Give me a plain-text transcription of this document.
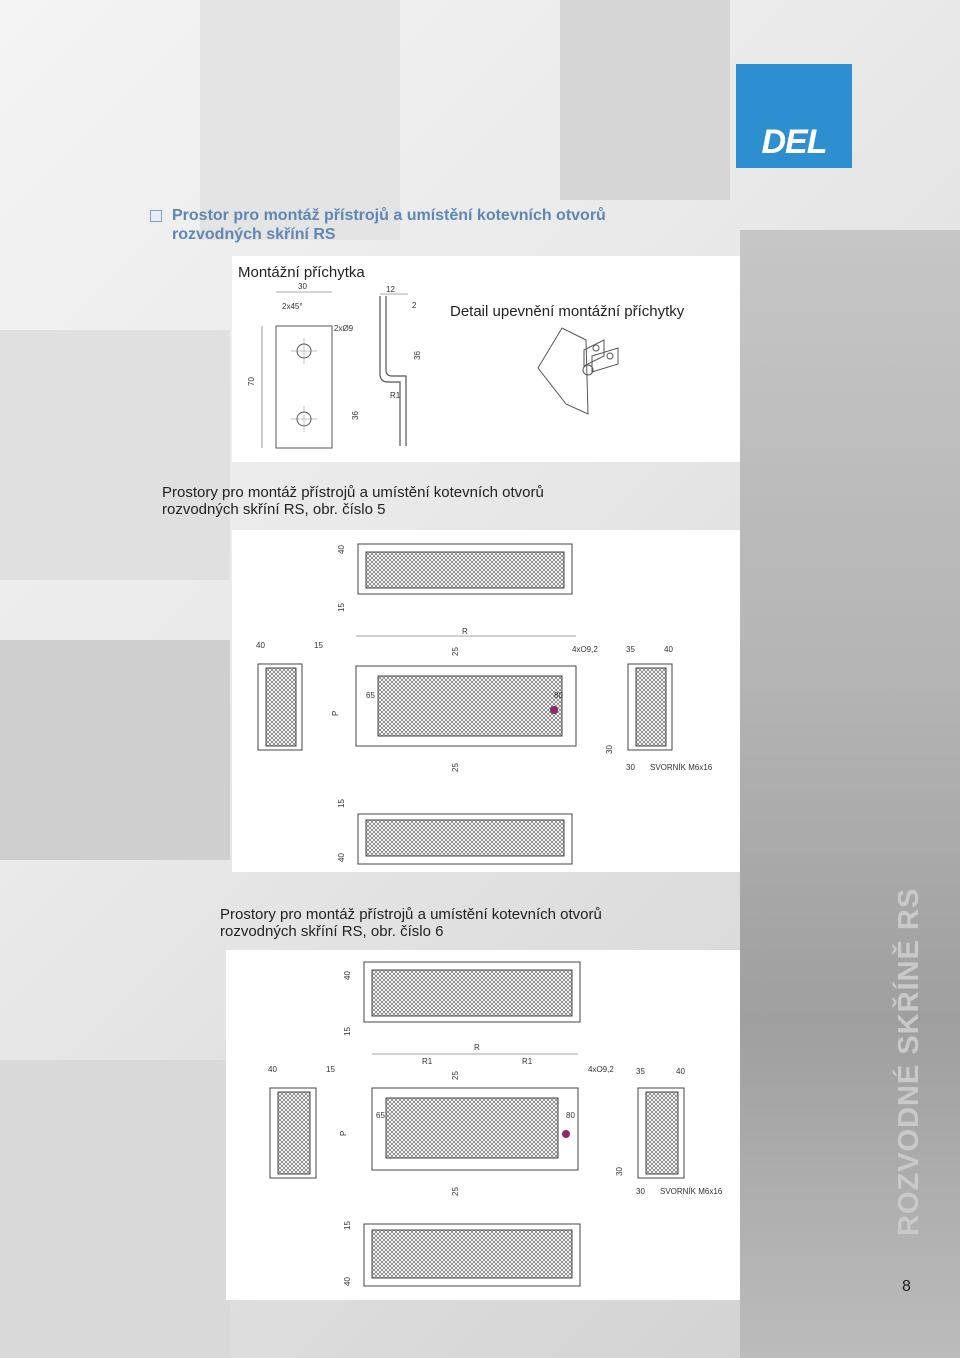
DEL
Prostor pro montáž přístrojů a umístění kotevních otvorů
rozvodných skříní RS
Montážní příchytka
Detail upevnění montážní příchytky
30
2x45°
2xØ9
70
12
2
36
36
R1
Prostory pro montáž přístrojů a umístění kotevních otvorů
rozvodných skříní RS, obr. číslo 5
40
15
40	15
R
25	4xO9,2
65	80
P
25
35	40
30
30 SVORNÍK M6x16
15
40
Prostory pro montáž přístrojů a umístění kotevních otvorů
rozvodných skříní RS, obr. číslo 6
40
15
40	15
R
R1	R1
25
4xO9,2
65	80
P
25
35	40
30
30 SVORNÍK M6x16
15
40
ROZVODNÉ SKŘÍNĚ RS
8
